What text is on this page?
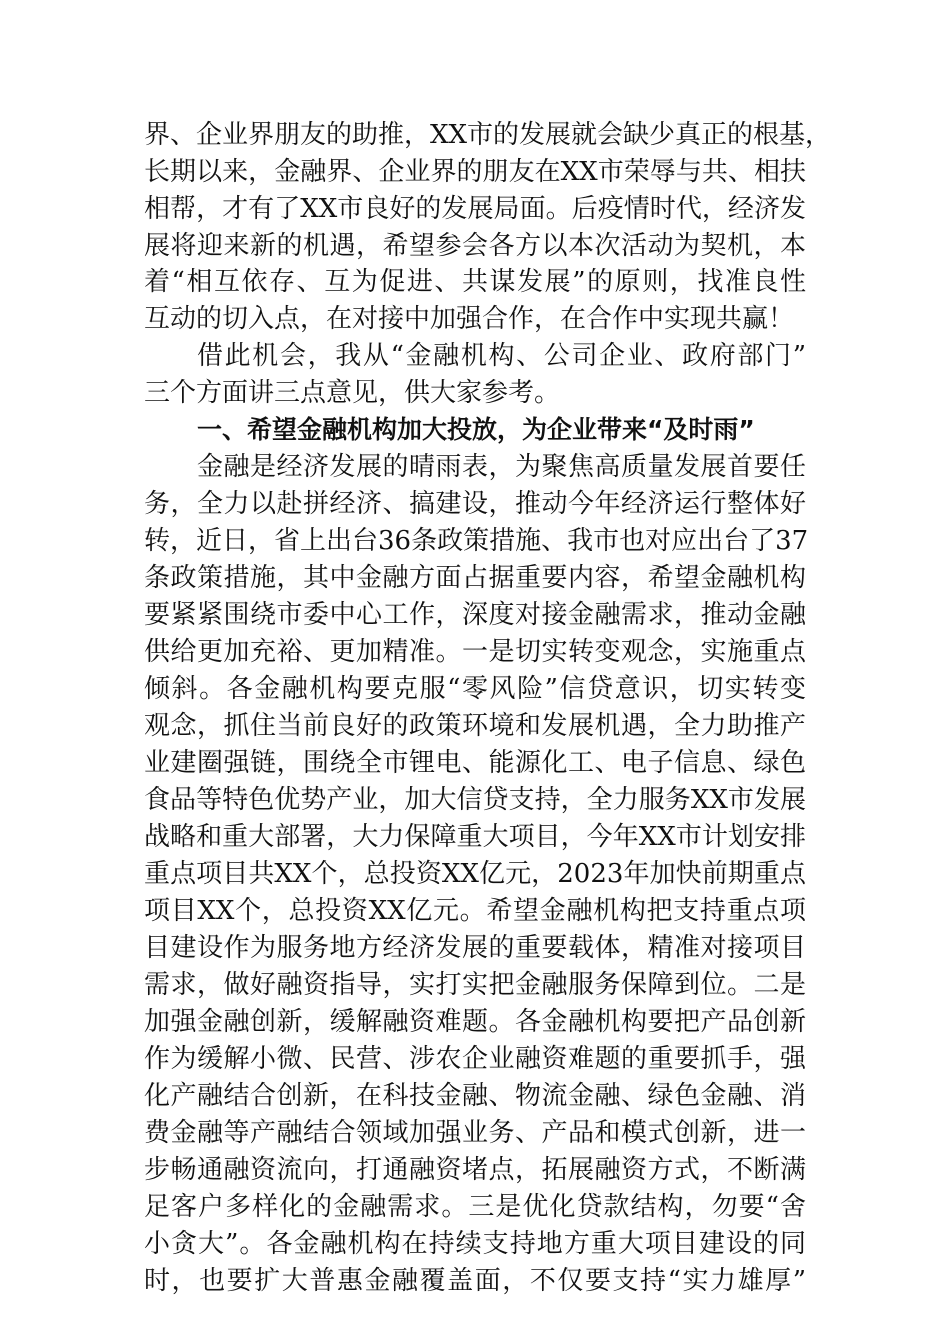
界、企业界朋友的助推，XX市的发展就会缺少真正的根基，
长期以来，金融界、企业界的朋友在XX市荣辱与共、相扶
相帮，才有了XX市良好的发展局面。后疫情时代，经济发
展将迎来新的机遇，希望参会各方以本次活动为契机，本
着“相互依存、互为促进、共谋发展”的原则，找准良性
互动的切入点，在对接中加强合作，在合作中实现共赢！
借此机会，我从“金融机构、公司企业、政府部门”
三个方面讲三点意见，供大家参考。
一、希望金融机构加大投放，为企业带来“及时雨”
金融是经济发展的晴雨表，为聚焦高质量发展首要任
务，全力以赴拼经济、搞建设，推动今年经济运行整体好
转，近日，省上出台36条政策措施、我市也对应出台了37
条政策措施，其中金融方面占据重要内容，希望金融机构
要紧紧围绕市委中心工作，深度对接金融需求，推动金融
供给更加充裕、更加精准。一是切实转变观念，实施重点
倾斜。各金融机构要克服“零风险”信贷意识，切实转变
观念，抓住当前良好的政策环境和发展机遇，全力助推产
业建圈强链，围绕全市锂电、能源化工、电子信息、绿色
食品等特色优势产业，加大信贷支持，全力服务XX市发展
战略和重大部署，大力保障重大项目，今年XX市计划安排
重点项目共XX个，总投资XX亿元，2023年加快前期重点
项目XX个，总投资XX亿元。希望金融机构把支持重点项
目建设作为服务地方经济发展的重要载体，精准对接项目
需求，做好融资指导，实打实把金融服务保障到位。二是
加强金融创新，缓解融资难题。各金融机构要把产品创新
作为缓解小微、民营、涉农企业融资难题的重要抓手，强
化产融结合创新，在科技金融、物流金融、绿色金融、消
费金融等产融结合领域加强业务、产品和模式创新，进一
步畅通融资流向，打通融资堵点，拓展融资方式，不断满
足客户多样化的金融需求。三是优化贷款结构，勿要“舍
小贪大”。各金融机构在持续支持地方重大项目建设的同
时，也要扩大普惠金融覆盖面，不仅要支持“实力雄厚”
